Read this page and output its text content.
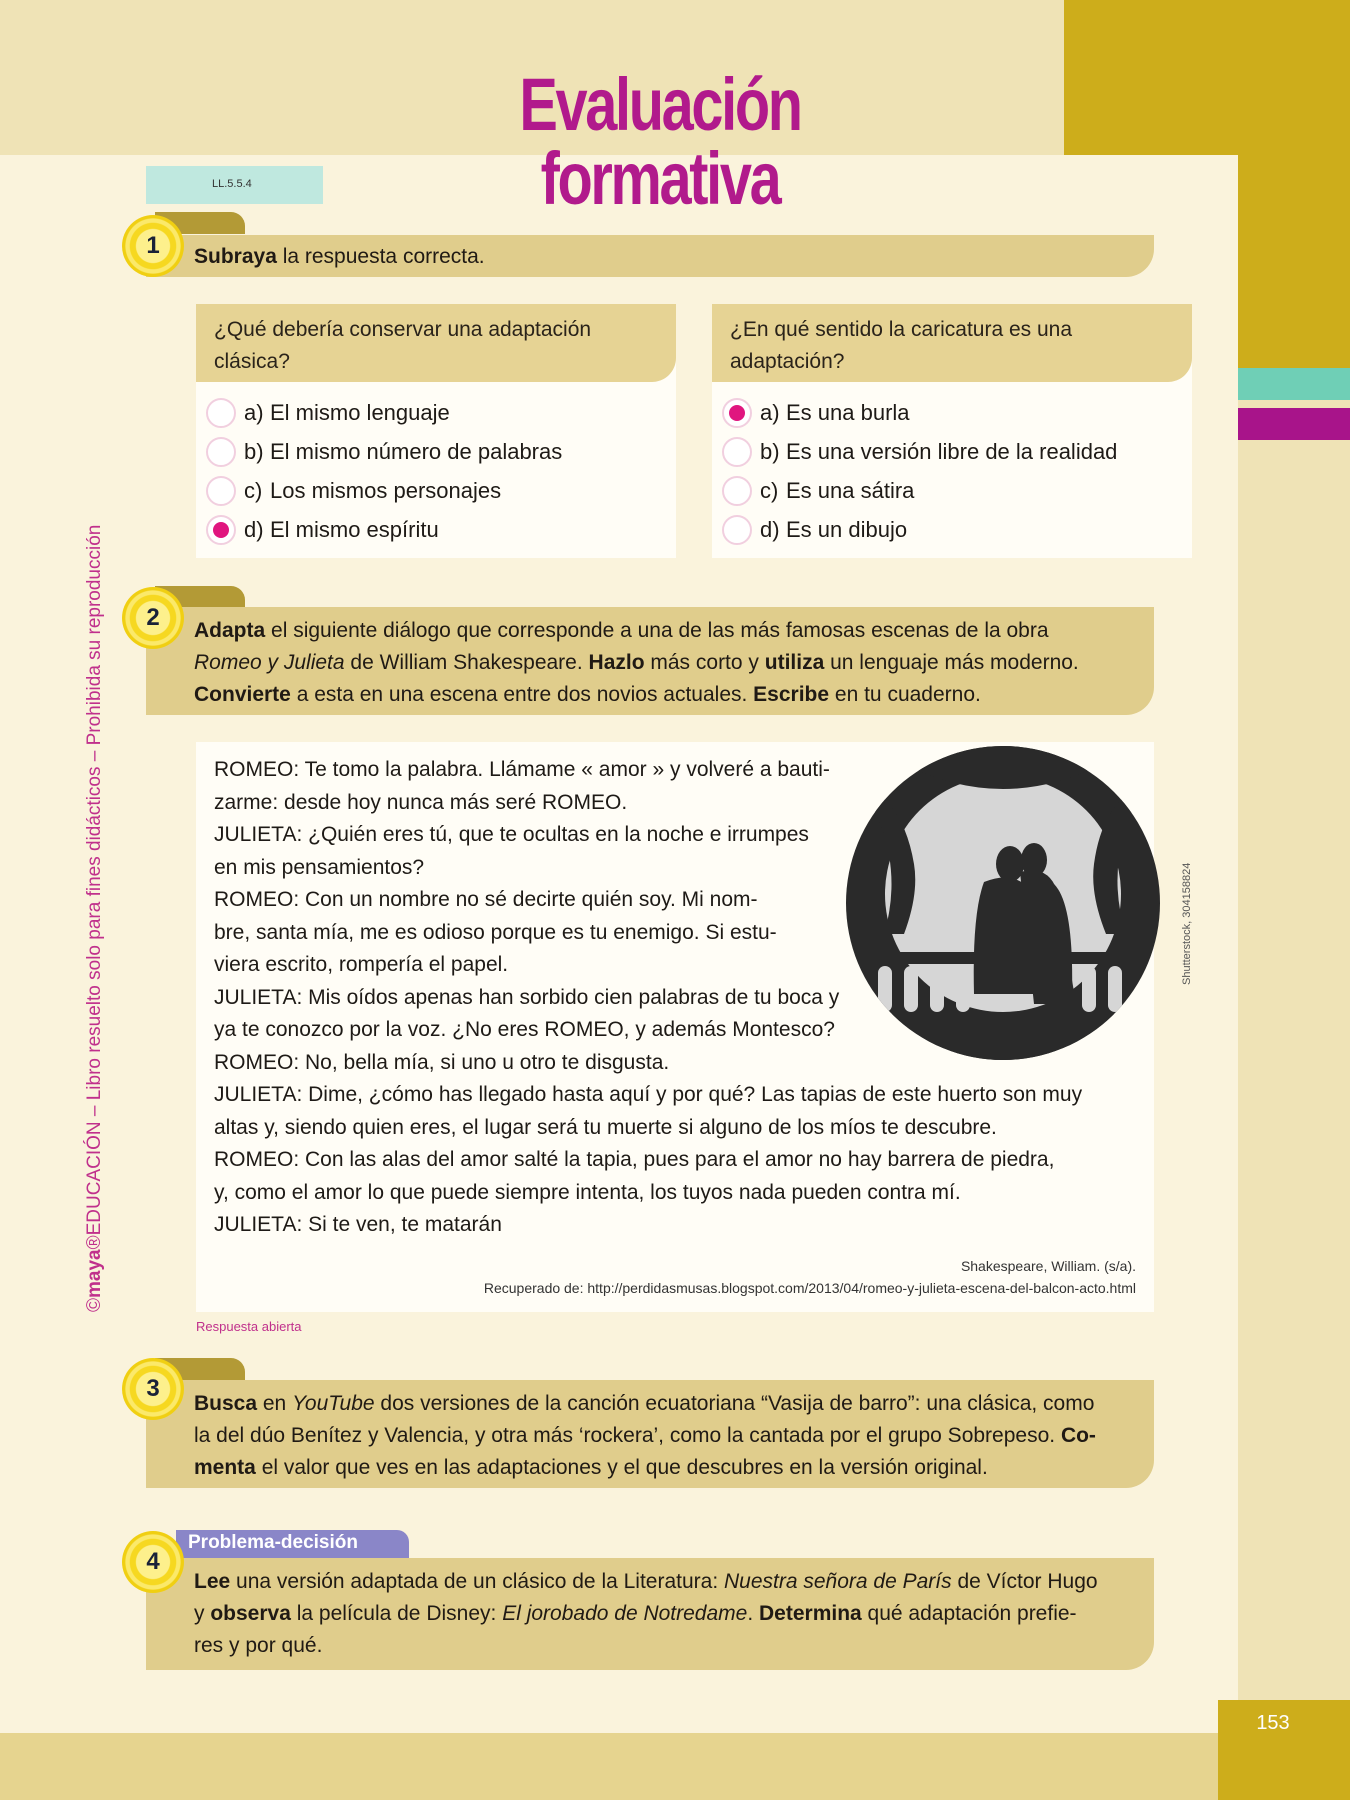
153
Evaluación formativa
LL.5.5.4
©maya®EDUCACIÓN – Libro resuelto solo para fines didácticos – Prohibida su reproducción	Shutterstock, 304158824

Subraya la respuesta correcta.

1
¿Qué debería conservar una adaptación clásica?
a) El mismo lenguaje
b) El mismo número de palabras
c) Los mismos personajes
d) El mismo espíritu
¿En qué sentido la caricatura es una adaptación?
a) Es una burla
b) Es una versión libre de la realidad
c) Es una sátira
d) Es un dibujo

Adapta el siguiente diálogo que corresponde a una de las más famosas escenas de la obra
Romeo y Julieta de William Shakespeare. Hazlo más corto y utiliza un lenguaje más moderno.
Convierte a esta en una escena entre dos novios actuales. Escribe en tu cuaderno.

2
ROMEO: Te tomo la palabra. Llámame « amor » y volveré a bauti-
zarme: desde hoy nunca más seré ROMEO.
JULIETA: ¿Quién eres tú, que te ocultas en la noche e irrumpes
en mis pensamientos?
ROMEO: Con un nombre no sé decirte quién soy. Mi nom-
bre, santa mía, me es odioso porque es tu enemigo. Si estu-
viera escrito, rompería el papel.
JULIETA: Mis oídos apenas han sorbido cien palabras de tu boca y
ya te conozco por la voz. ¿No eres ROMEO, y además Montesco?
ROMEO: No, bella mía, si uno u otro te disgusta.
JULIETA: Dime, ¿cómo has llegado hasta aquí y por qué? Las tapias de este huerto son muy
altas y, siendo quien eres, el lugar será tu muerte si alguno de los míos te descubre.
ROMEO: Con las alas del amor salté la tapia, pues para el amor no hay barrera de piedra,
y, como el amor lo que puede siempre intenta, los tuyos nada pueden contra mí.
JULIETA: Si te ven, te matarán
Shakespeare, William. (s/a).
Recuperado de: http://perdidasmusas.blogspot.com/2013/04/romeo-y-julieta-escena-del-balcon-acto.html
Respuesta abierta

Busca en YouTube dos versiones de la canción ecuatoriana “Vasija de barro”: una clásica, como
la del dúo Benítez y Valencia, y otra más ‘rockera’, como la cantada por el grupo Sobrepeso. Co-
menta el valor que ves en las adaptaciones y el que descubres en la versión original.

3
Problema-decisión

Lee una versión adaptada de un clásico de la Literatura: Nuestra señora de París de Víctor Hugo
y observa la película de Disney: El jorobado de Notredame. Determina qué adaptación prefie-
res y por qué.

4
